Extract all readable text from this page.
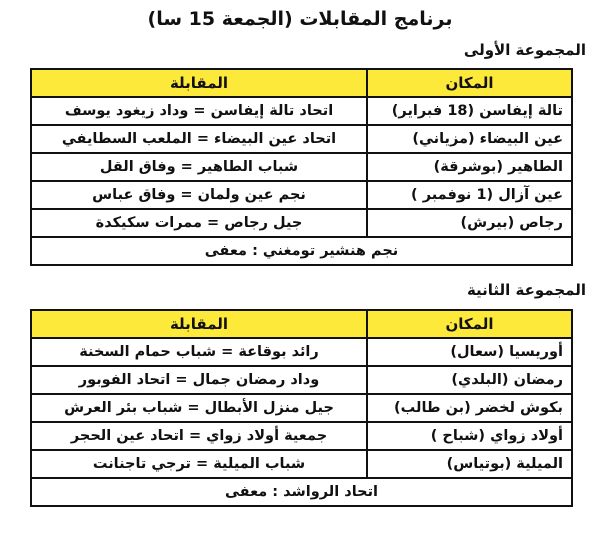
برنامج المقابلات (الجمعة 15 سا)
المجموعة الأولى
المكان	المقابلة
تالة إيفاسن (18 فبراير)	اتحاد تالة إيفاسن = وداد زيغود يوسف
عين البيضاء (مزياني)	اتحاد عين البيضاء = الملعب السطايفي
الطاهير (بوشرقة)	شباب الطاهير = وفاق القل
عين آزال (1 نوفمبر )	نجم عين ولمان = وفاق عباس
رجاص (بيرش)	جيل رجاص = ممرات سكيكدة
نجم هنشير تومغني : معفى	
المجموعة الثانية
المكان	المقابلة
أوريسيا (سعال)	رائد بوقاعة = شباب حمام السخنة
رمضان (البلدي)	وداد رمضان جمال = اتحاد الفوبور
بكوش لخضر (بن طالب)	جيل منزل الأبطال = شباب بئر العرش
أولاد زواي (شباح )	جمعية أولاد زواي = اتحاد عين الحجر
الميلية (بوتياس)	شباب الميلية = ترجي تاجنانت
اتحاد الرواشد : معفى	
